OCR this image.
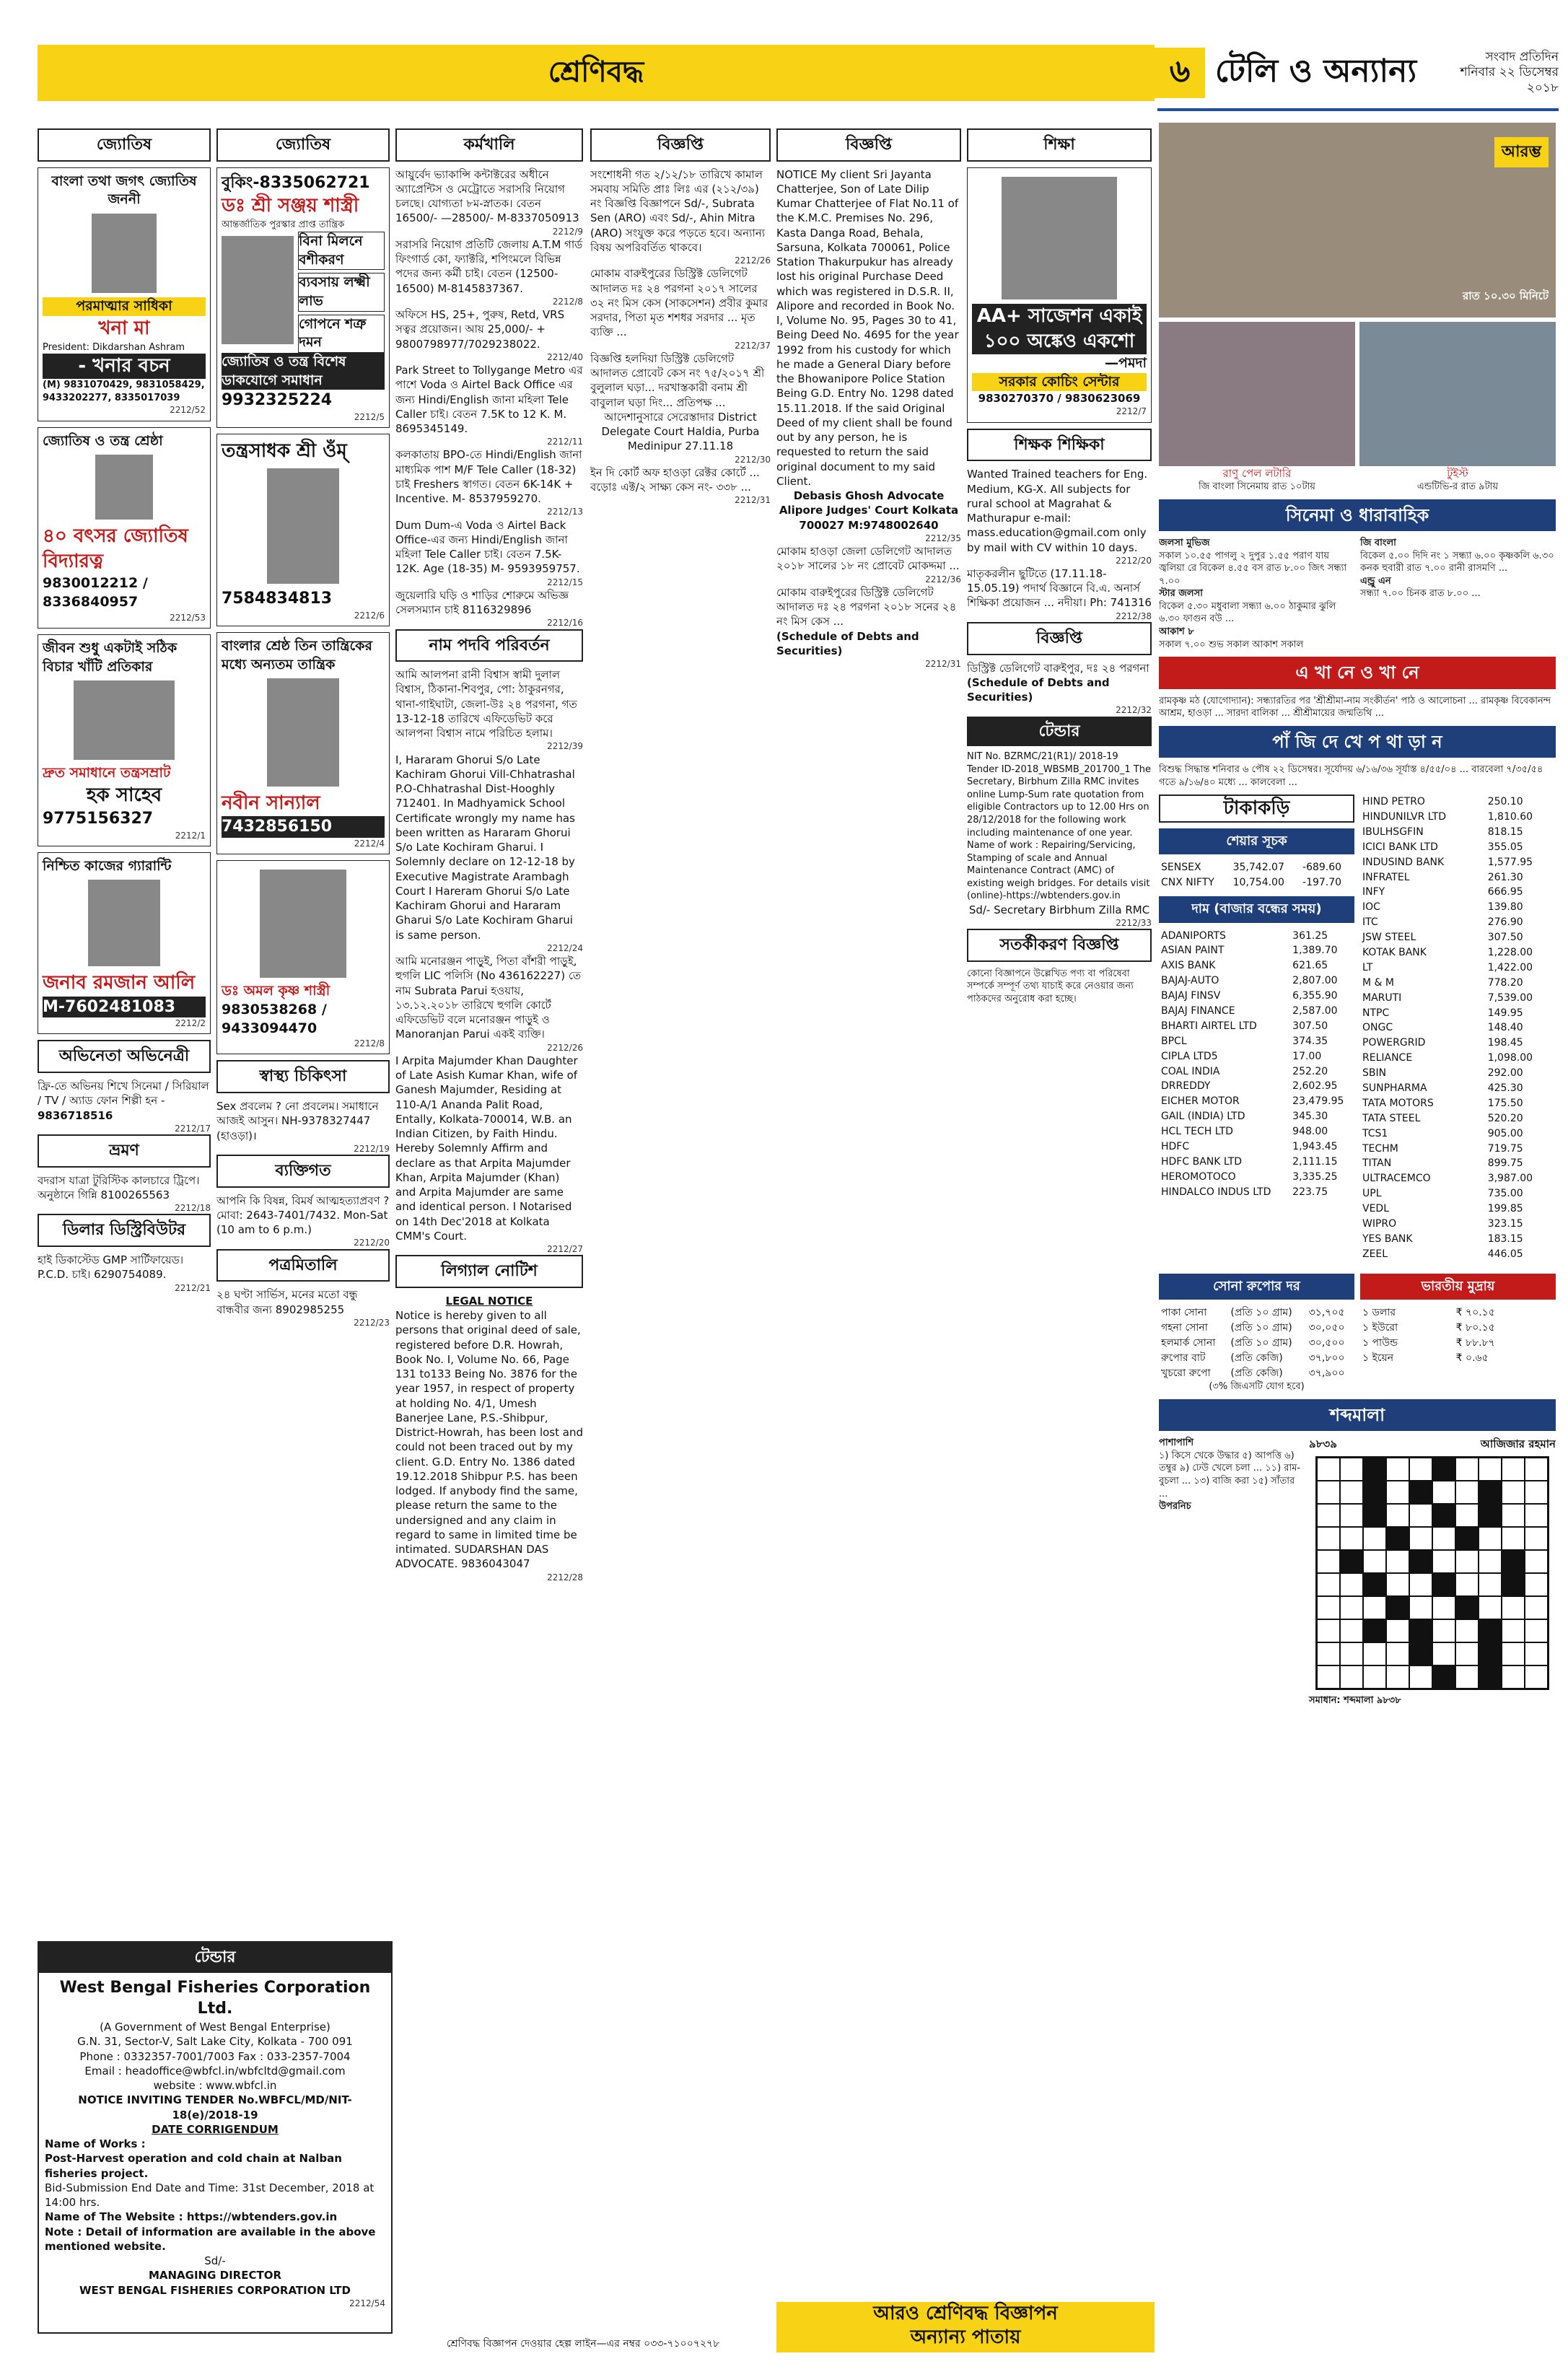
শ্রেণিবদ্ধ	৬ টেলি ও অন্যান্য	সংবাদ প্রতিদিন
শনিবার ২২ ডিসেম্বর
২০১৮
জ্যোতিষ
বাংলা তথা জগৎ জ্যোতিষ জননী
পরমাত্মার সাধিকা
খনা মা
President: Dikdarshan Ashram
- খনার বচন
(M) 9831070429, 9831058429, 9433202277, 8335017039
2212/52
জ্যোতিষ ও তন্ত্র শ্রেষ্ঠা
৪০ বৎসর জ্যোতিষ বিদ্যারত্ন
9830012212 / 8336840957
2212/53
জীবন শুধু একটাই সঠিক বিচার খাঁটি প্রতিকার
দ্রুত সমাধানে তন্ত্রসম্রাট
হক সাহেব
9775156327
2212/1
নিশ্চিত কাজের গ্যারান্টি
জনাব রমজান আলি
M-7602481083
2212/2
অভিনেতা অভিনেত্রী
ফ্রি-তে অভিনয় শিখে সিনেমা / সিরিয়াল / TV / অ্যাড ফোন শিল্পী হন -
9836718516
2212/17
ভ্রমণ
বদরাস যাত্রা টুরিস্টিক কালচারে ট্রিপে। অনুষ্ঠানে গিন্নি 8100265563
2212/18
ডিলার ডিস্ট্রিবিউটর
হাই ডিকাস্টেড GMP সার্টিফায়েড। P.C.D. চাই। 6290754089.
2212/21
জ্যোতিষ
বুকিং-8335062721
ডঃ শ্রী সঞ্জয় শাস্ত্রী
আন্তর্জাতিক পুরস্কার প্রাপ্ত তান্ত্রিক
বিনা মিলনে বশীকরণ
ব্যবসায় লক্ষ্মী লাভ
গোপনে শত্রু দমন
জ্যোতিষ ও তন্ত্র বিশেষ ডাকযোগে সমাধান
9932325224
2212/5
তন্ত্রসাধক শ্রী ওঁম্
7584834813
2212/6
বাংলার শ্রেষ্ঠ তিন তান্ত্রিকের মধ্যে অন্যতম তান্ত্রিক
নবীন সান্যাল
7432856150
2212/4
ডঃ অমল কৃষ্ণ শাস্ত্রী
9830538268 / 9433094470
2212/8
স্বাস্থ্য চিকিৎসা
Sex প্রবলেম ? নো প্রবলেম। সমাধানে আজই আসুন। NH-9378327447 (হাওড়া)।
2212/19
ব্যক্তিগত
আপনি কি বিষন্ন, বিমর্ষ আত্মহত্যাপ্রবণ ? মোবা: 2643-7401/7432. Mon-Sat (10 am to 6 p.m.)
2212/20
পত্রমিতালি
২৪ ঘণ্টা সার্ভিস, মনের মতো বন্ধু বান্ধবীর জন্য 8902985255
2212/23
কর্মখালি
আয়ুর্বেদ ভ্যাকান্সি কন্টাক্টরের অধীনে অ্যাপ্রেন্টিস ও মেট্রোতে সরাসরি নিয়োগ চলছে। যোগ্যতা ৮ম-স্নাতক। বেতন 16500/- —28500/- M-8337050913
2212/9
সরাসরি নিয়োগ প্রতিটি জেলায় A.T.M গার্ড ফিংগার্ড কো, ফ্যাক্টরি, শপিংমলে বিভিন্ন পদের জন্য কর্মী চাই। বেতন (12500-16500) M-8145837367.
2212/8
অফিসে HS, 25+, পুরুষ, Retd, VRS সত্বর প্রয়োজন। আয় 25,000/- + 9800798977/7029238022.
2212/40
Park Street to Tollygange Metro এর পাশে Voda ও Airtel Back Office এর জন্য Hindi/English জানা মহিলা Tele Caller চাই। বেতন 7.5K to 12 K. M. 8695345149.
2212/11
কলকাতায় BPO-তে Hindi/English জানা মাধ্যমিক পাশ M/F Tele Caller (18-32) চাই Freshers স্বাগত। বেতন 6K-14K + Incentive. M- 8537959270.
2212/13
Dum Dum-এ Voda ও Airtel Back Office-এর জন্য Hindi/English জানা মহিলা Tele Caller চাই। বেতন 7.5K-12K. Age (18-35) M- 9593959757.
2212/15
জুয়েলারি ঘড়ি ও শাড়ির শোরুমে অভিজ্ঞ সেলসম্যান চাই 8116329896
2212/16
নাম পদবি পরিবর্তন
আমি আলপনা রানী বিশ্বাস স্বামী দুলাল বিশ্বাস, ঠিকানা-শিবপুর, পো: ঠাকুরনগর, থানা-গাইঘাটা, জেলা-উঃ ২৪ পরগনা, গত 13-12-18 তারিখে এফিডেভিট করে আলপনা বিশ্বাস নামে পরিচিত হলাম।
2212/39
I, Hararam Ghorui S/o Late Kachiram Ghorui Vill-Chhatrashal P.O-Chhatrashal Dist-Hooghly 712401. In Madhyamick School Certificate wrongly my name has been written as Hararam Ghorui S/o Late Kochiram Gharui. I Solemnly declare on 12-12-18 by Executive Magistrate Arambagh Court I Hareram Ghorui S/o Late Kachiram Ghorui and Hararam Gharui S/o Late Kochiram Gharui is same person.
2212/24
আমি মনোরঞ্জন পাড়ুই, পিতা বাঁশরী পাড়ুই, হুগলি LIC পলিসি (No 436162227) তে নাম Subrata Parui হওয়ায়, ১৩.১২.২০১৮ তারিখে হুগলি কোর্টে এফিডেভিট বলে মনোরঞ্জন পাড়ুই ও Manoranjan Parui একই ব্যক্তি।
2212/26
I Arpita Majumder Khan Daughter of Late Asish Kumar Khan, wife of Ganesh Majumder, Residing at 110-A/1 Ananda Palit Road, Entally, Kolkata-700014, W.B. an Indian Citizen, by Faith Hindu. Hereby Solemnly Affirm and declare as that Arpita Majumder Khan, Arpita Majumder (Khan) and Arpita Majumder are same and identical person. I Notarised on 14th Dec'2018 at Kolkata CMM's Court.
2212/27
লিগ্যাল নোটিশ
LEGAL NOTICE
Notice is hereby given to all persons that original deed of sale, registered before D.R. Howrah, Book No. I, Volume No. 66, Page 131 to133 Being No. 3876 for the year 1957, in respect of property at holding No. 4/1, Umesh Banerjee Lane, P.S.-Shibpur, District-Howrah, has been lost and could not been traced out by my client. G.D. Entry No. 1386 dated 19.12.2018 Shibpur P.S. has been lodged. If anybody find the same, please return the same to the undersigned and any claim in regard to same in limited time be intimated. SUDARSHAN DAS ADVOCATE. 9836043047
2212/28
বিজ্ঞপ্তি
সংশোধনী গত ২/১২/১৮ তারিখে কামাল সমবায় সমিতি প্রাঃ লিঃ এর (২১২/৩৯) নং বিজ্ঞপ্তি বিজ্ঞাপনে Sd/-, Subrata Sen (ARO) এবং Sd/-, Ahin Mitra (ARO) সংযুক্ত করে পড়তে হবে। অন্যান্য বিষয় অপরিবর্তিত থাকবে।
2212/26
মোকাম বারুইপুরের ডিস্ট্রিক্ট ডেলিগেট আদালত দঃ ২৪ পরগনা ২০১৭ সালের ৩২ নং মিস কেস (সাকসেশন) প্রবীর কুমার সরদার, পিতা মৃত শশধর সরদার ... মৃত ব্যক্তি ...
2212/37
বিজ্ঞপ্তি হলদিয়া ডিস্ট্রিক্ট ডেলিগেট আদালত প্রোবেট কেস নং ৭৫/২০১৭ শ্রী বুলুলাল ঘড়া... দরখাস্তকারী বনাম শ্রী বাবুলাল ঘড়া দিং... প্রতিপক্ষ ...
আদেশানুসারে সেরেস্তাদার District Delegate Court Haldia, Purba Medinipur 27.11.18
2212/30
ইন দি কোর্ট অফ হাওড়া রেক্টর কোর্টে ... বড়োঃ এক্ট/২ সাক্ষ্য কেস নং- ৩৩৮ ...
2212/31
বিজ্ঞপ্তি
NOTICE My client Sri Jayanta Chatterjee, Son of Late Dilip Kumar Chatterjee of Flat No.11 of the K.M.C. Premises No. 296, Kasta Danga Road, Behala, Sarsuna, Kolkata 700061, Police Station Thakurpukur has already lost his original Purchase Deed which was registered in D.S.R. II, Alipore and recorded in Book No. I, Volume No. 95, Pages 30 to 41, Being Deed No. 4695 for the year 1992 from his custody for which he made a General Diary before the Bhowanipore Police Station Being G.D. Entry No. 1298 dated 15.11.2018. If the said Original Deed of my client shall be found out by any person, he is requested to return the said original document to my said Client.
Debasis Ghosh Advocate Alipore Judges' Court Kolkata 700027 M:9748002640
2212/35
মোকাম হাওড়া জেলা ডেলিগেট আদালত ২০১৮ সালের ১৮ নং প্রোবেট মোকদ্দমা ...
2212/36
মোকাম বারুইপুরের ডিস্ট্রিক্ট ডেলিগেট আদালত দঃ ২৪ পরগনা ২০১৮ সনের ২৪ নং মিস কেস ...
(Schedule of Debts and Securities)
2212/31
শিক্ষা
AA+ সাজেশন একাই ১০০ অঙ্কেও একশো
—পমদা
সরকার কোচিং সেন্টার
9830270370 / 9830623069
2212/7
শিক্ষক শিক্ষিকা
Wanted Trained teachers for Eng. Medium, KG-X. All subjects for rural school at Magrahat & Mathurapur e-mail: mass.education@gmail.com only by mail with CV within 10 days.
2212/20
মাতৃকরলীন ছুটিতে (17.11.18-15.05.19) পদার্থ বিজ্ঞানে বি.এ. অনার্স শিক্ষিকা প্রয়োজন ... নদীয়া। Ph: 741316
2212/38
বিজ্ঞপ্তি
ডিস্ট্রিক্ট ডেলিগেট বারুইপুর, দঃ ২৪ পরগনা
(Schedule of Debts and Securities)
2212/32
টেন্ডার
NIT No. BZRMC/21(R1)/ 2018-19 Tender ID-2018_WBSMB_201700_1 The Secretary, Birbhum Zilla RMC invites online Lump-Sum rate quotation from eligible Contractors up to 12.00 Hrs on 28/12/2018 for the following work including maintenance of one year. Name of work : Repairing/Servicing, Stamping of scale and Annual Maintenance Contract (AMC) of existing weigh bridges. For details visit (online)-https://wbtenders.gov.in
Sd/- Secretary Birbhum Zilla RMC
2212/33
সতর্কীকরণ বিজ্ঞপ্তি
কোনো বিজ্ঞাপনে উল্লেখিত পণ্য বা পরিষেবা সম্পর্কে সম্পূর্ণ তথ্য যাচাই করে নেওয়ার জন্য পাঠকদের অনুরোধ করা হচ্ছে।
টেন্ডার
West Bengal Fisheries Corporation Ltd.
(A Government of West Bengal Enterprise)
G.N. 31, Sector-V, Salt Lake City, Kolkata - 700 091
Phone : 0332357-7001/7003 Fax : 033-2357-7004
Email : headoffice@wbfcl.in/wbfcltd@gmail.com
website : www.wbfcl.in
NOTICE INVITING TENDER No.WBFCL/MD/NIT-18(e)/2018-19
DATE CORRIGENDUM
Name of Works :
Post-Harvest operation and cold chain at Nalban fisheries project.
Bid-Submission End Date and Time: 31st December, 2018 at 14:00 hrs.
Name of The Website : https://wbtenders.gov.in
Note : Detail of information are available in the above mentioned website.
Sd/-
MANAGING DIRECTOR
WEST BENGAL FISHERIES CORPORATION LTD
2212/54
শ্রেণিবদ্ধ বিজ্ঞাপন দেওয়ার হেল্প লাইন—এর নম্বর ০৩৩-৭১০০৭২৭৮
আরও শ্রেণিবদ্ধ বিজ্ঞাপন
অন্যান্য পাতায়
আরম্ভ
রাত ১০.৩০ মিনিটে
রাণু পেল লটারি
জি বাংলা সিনেমায় রাত ১০টায়
টুইস্ট
এন্ডটিভি-র রাত ৯টায়
সিনেমা ও ধারাবাহিক
জলসা মুভিজ
সকাল ১০.৫৫ পাগলু ২ দুপুর ১.৫৫ পরাণ যায় জ্বলিয়া রে বিকেল ৪.৫৫ বস রাত ৮.০০ জিৎ সন্ধ্যা ৭.০০
স্টার জলসা
বিকেল ৫.৩০ মধুবালা সন্ধ্যা ৬.০০ ঠাকুমার ঝুলি ৬.৩০ ফাগুন বউ ...
আকাশ ৮
সকাল ৭.০০ শুভ সকাল আকাশ সকাল
জি বাংলা
বিকেল ৫.০০ দিদি নং ১ সন্ধ্যা ৬.০০ কৃষ্ণকলি ৬.৩০ কনক হুবারী রাত ৭.০০ রানী রাসমণি ...
এন্ড্রু এন
সন্ধ্যা ৭.০০ চিনক রাত ৮.০০ ...
এ খা নে ও খা নে
রামকৃষ্ণ মঠ (যোগোদ্যান): সন্ধ্যারতির পর 'শ্রীশ্রীমা-নাম সংকীর্তন' পাঠ ও আলোচনা ... রামকৃষ্ণ বিবেকানন্দ আশ্রম, হাওড়া ... সারদা বালিকা ... শ্রীশ্রীমায়ের জন্মতিথি ...
পাঁ জি দে খে প থা ড়া ন
বিশুদ্ধ সিদ্ধান্ত শনিবার ৬ পৌষ ২২ ডিসেম্বর। সূর্যোদয় ৬/১৬/৩৬ সূর্যাস্ত ৪/৫৫/০৪ ... বারবেলা ৭/৩৫/৫৪ গতে ৯/১৬/৪০ মধ্যে ... কালবেলা ...
টাকাকড়ি
শেয়ার সূচক
SENSEX	35,742.07	-689.60
CNX NIFTY	10,754.00	-197.70
দাম (বাজার বন্ধের সময়)
ADANIPORTS	361.25
ASIAN PAINT	1,389.70
AXIS BANK	621.65
BAJAJ-AUTO	2,807.00
BAJAJ FINSV	6,355.90
BAJAJ FINANCE	2,587.00
BHARTI AIRTEL LTD	307.50
BPCL	374.35
CIPLA LTD5	17.00
COAL INDIA	252.20
DRREDDY	2,602.95
EICHER MOTOR	23,479.95
GAIL (INDIA) LTD	345.30
HCL TECH LTD	948.00
HDFC	1,943.45
HDFC BANK LTD	2,111.15
HEROMOTOCO	3,335.25
HINDALCO INDUS LTD	223.75
HIND PETRO	250.10
HINDUNILVR LTD	1,810.60
IBULHSGFIN	818.15
ICICI BANK LTD	355.05
INDUSIND BANK	1,577.95
INFRATEL	261.30
INFY	666.95
IOC	139.80
ITC	276.90
JSW STEEL	307.50
KOTAK BANK	1,228.00
LT	1,422.00
M & M	778.20
MARUTI	7,539.00
NTPC	149.95
ONGC	148.40
POWERGRID	198.45
RELIANCE	1,098.00
SBIN	292.00
SUNPHARMA	425.30
TATA MOTORS	175.50
TATA STEEL	520.20
TCS1	905.00
TECHM	719.75
TITAN	899.75
ULTRACEMCO	3,987.00
UPL	735.00
VEDL	199.85
WIPRO	323.15
YES BANK	183.15
ZEEL	446.05
সোনা রুপোর দর
পাকা সোনা	(প্রতি ১০ গ্রাম)	৩১,৭০৫
গহনা সোনা	(প্রতি ১০ গ্রাম)	৩০,০৫০
হলমার্ক সোনা	(প্রতি ১০ গ্রাম)	৩০,৫০০
রুপোর বাট	(প্রতি কেজি)	৩৭,৮০০
খুচরো রুপো	(প্রতি কেজি)	৩৭,৯০০
(৩% জিএসটি যোগ হবে)
ভারতীয় মুদ্রায়
১ ডলার	₹ ৭০.১৫
১ ইউরো	₹ ৮০.১৫
১ পাউন্ড	₹ ৮৮.৮৭
১ ইয়েন	₹ ০.৬৫
শব্দমালা
পাশাপাশি
১) কিসে খেকে উদ্ধার ৫) আপত্তি ৬) তম্বুর ৯) ঢেউ খেলে চলা ... ১১) রাম-বুচলা ... ১৩) বাজি করা ১৫) সাঁতার ...
উপরনিচ
৯৮৩৯	আজিজার রহমান
সমাধান: শব্দমালা ৯৮৩৮
